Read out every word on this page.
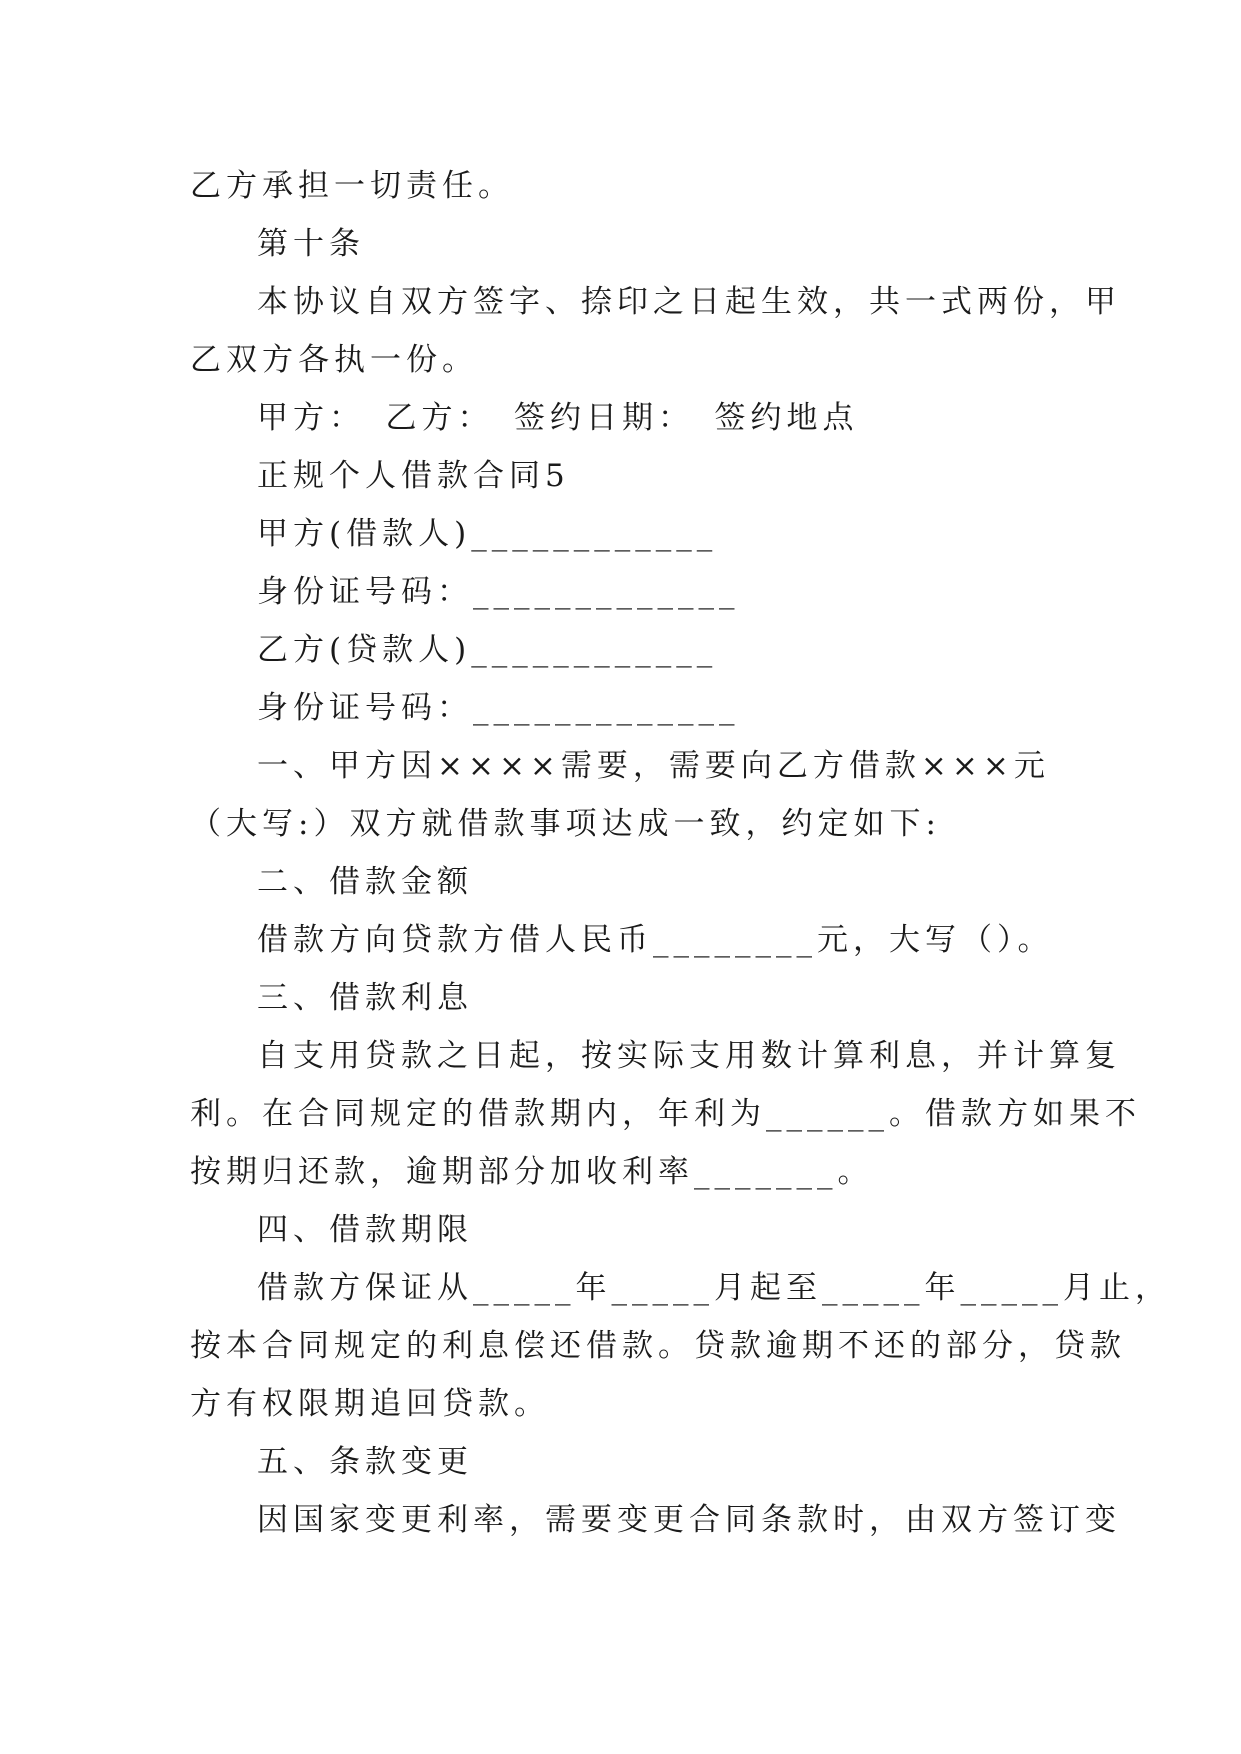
乙方承担一切责任。
第十条
本协议自双方签字、捺印之日起生效，共一式两份，甲
乙双方各执一份。
甲方：　乙方：　签约日期：　签约地点
正规个人借款合同5
甲方(借款人)____________
身份证号码：_____________
乙方(贷款人)____________
身份证号码：_____________
一、甲方因××××需要，需要向乙方借款×××元
（大写:）双方就借款事项达成一致，约定如下:
二、借款金额
借款方向贷款方借人民币________元，大写（）。
三、借款利息
自支用贷款之日起，按实际支用数计算利息，并计算复
利。在合同规定的借款期内，年利为______。借款方如果不
按期归还款，逾期部分加收利率_______。
四、借款期限
借款方保证从_____年_____月起至_____年_____月止，
按本合同规定的利息偿还借款。贷款逾期不还的部分，贷款
方有权限期追回贷款。
五、条款变更
因国家变更利率，需要变更合同条款时，由双方签订变
